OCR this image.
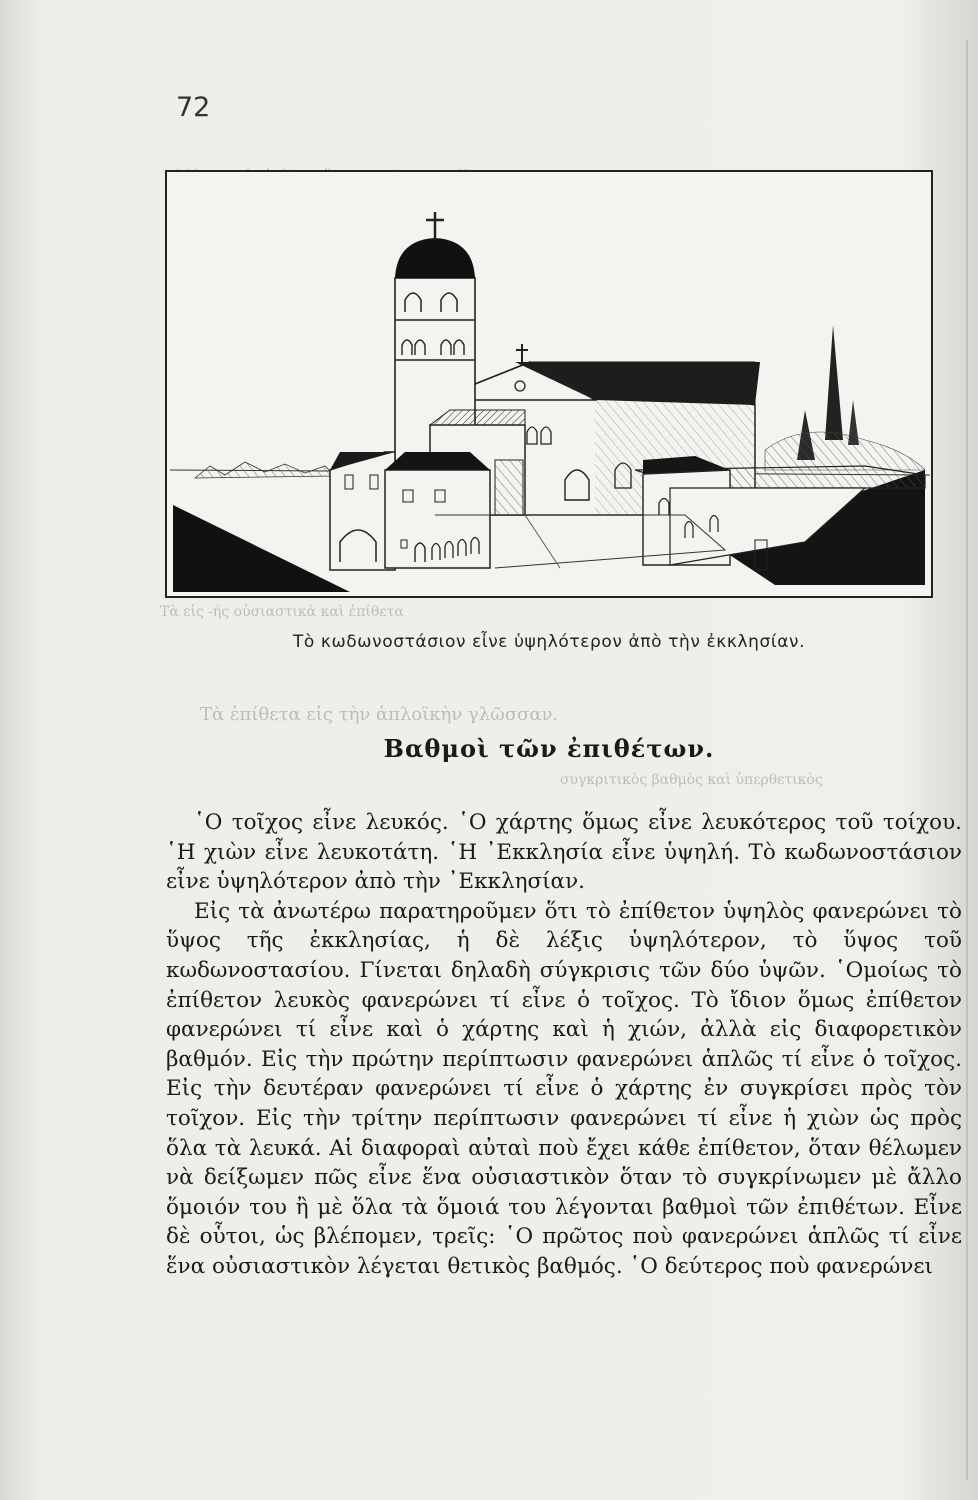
Τὰ εἰς -ής οὐσιαστικὰ καὶ ἐπίθετα
Τὰ ἐπίθετα εἰς τὴν ἁπλοϊκὴν γλῶσσαν.
συγκριτικὸς βαθμὸς καὶ ὑπερθετικὸς
72
Τὸ κωδωνοστάσιον εἶνε ὑψηλότερον ἀπὸ τὴν ἐκκλησίαν.
Βαθμοὶ τῶν ἐπιθέτων.

῾Ο τοῖχος εἶνε λευκός. ῾Ο χάρτης ὅμως εἶνε λευκότερος τοῦ τοίχου. ῾Η χιὼν εἶνε λευκοτάτη. ῾Η ᾿Εκκλησία εἶνε ὑψηλή. Τὸ κωδωνοστάσιον εἶνε ὑψηλότερον ἀπὸ τὴν ᾿Εκκλησίαν.

Εἰς τὰ ἀνωτέρω παρατηροῦμεν ὅτι τὸ ἐπίθετον ὑψηλὸς φανερώνει τὸ ὕψος τῆς ἐκκλησίας, ἡ δὲ λέξις ὑψηλότερον, τὸ ὕψος τοῦ κωδωνοστασίου. Γίνεται δηλαδὴ σύγκρισις τῶν δύο ὑψῶν. ῾Ομοίως τὸ ἐπίθετον λευκὸς φανερώνει τί εἶνε ὁ τοῖχος. Τὸ ἴδιον ὅμως ἐπίθετον φανερώνει τί εἶνε καὶ ὁ χάρτης καὶ ἡ χιών, ἀλλὰ εἰς διαφορετικὸν βαθμόν. Εἰς τὴν πρώτην περίπτωσιν φανερώνει ἁπλῶς τί εἶνε ὁ τοῖχος. Εἰς τὴν δευτέραν φανερώνει τί εἶνε ὁ χάρτης ἐν συγκρίσει πρὸς τὸν τοῖχον. Εἰς τὴν τρίτην περίπτωσιν φανερώνει τί εἶνε ἡ χιὼν ὡς πρὸς ὅλα τὰ λευκά. Αἱ διαφοραὶ αὐταὶ ποὺ ἔχει κάθε ἐπίθετον, ὅταν θέλωμεν νὰ δείξωμεν πῶς εἶνε ἕνα οὐσιαστικὸν ὅταν τὸ συγκρίνωμεν μὲ ἄλλο ὅμοιόν του ἢ μὲ ὅλα τὰ ὅμοιά του λέγονται βαθμοὶ τῶν ἐπιθέτων. Εἶνε δὲ οὗτοι, ὡς βλέπομεν, τρεῖς: ῾Ο πρῶτος ποὺ φανερώνει ἁπλῶς τί εἶνε ἕνα οὐσιαστικὸν λέγεται θετικὸς βαθμός. ῾Ο δεύτερος ποὺ φανερώνει
